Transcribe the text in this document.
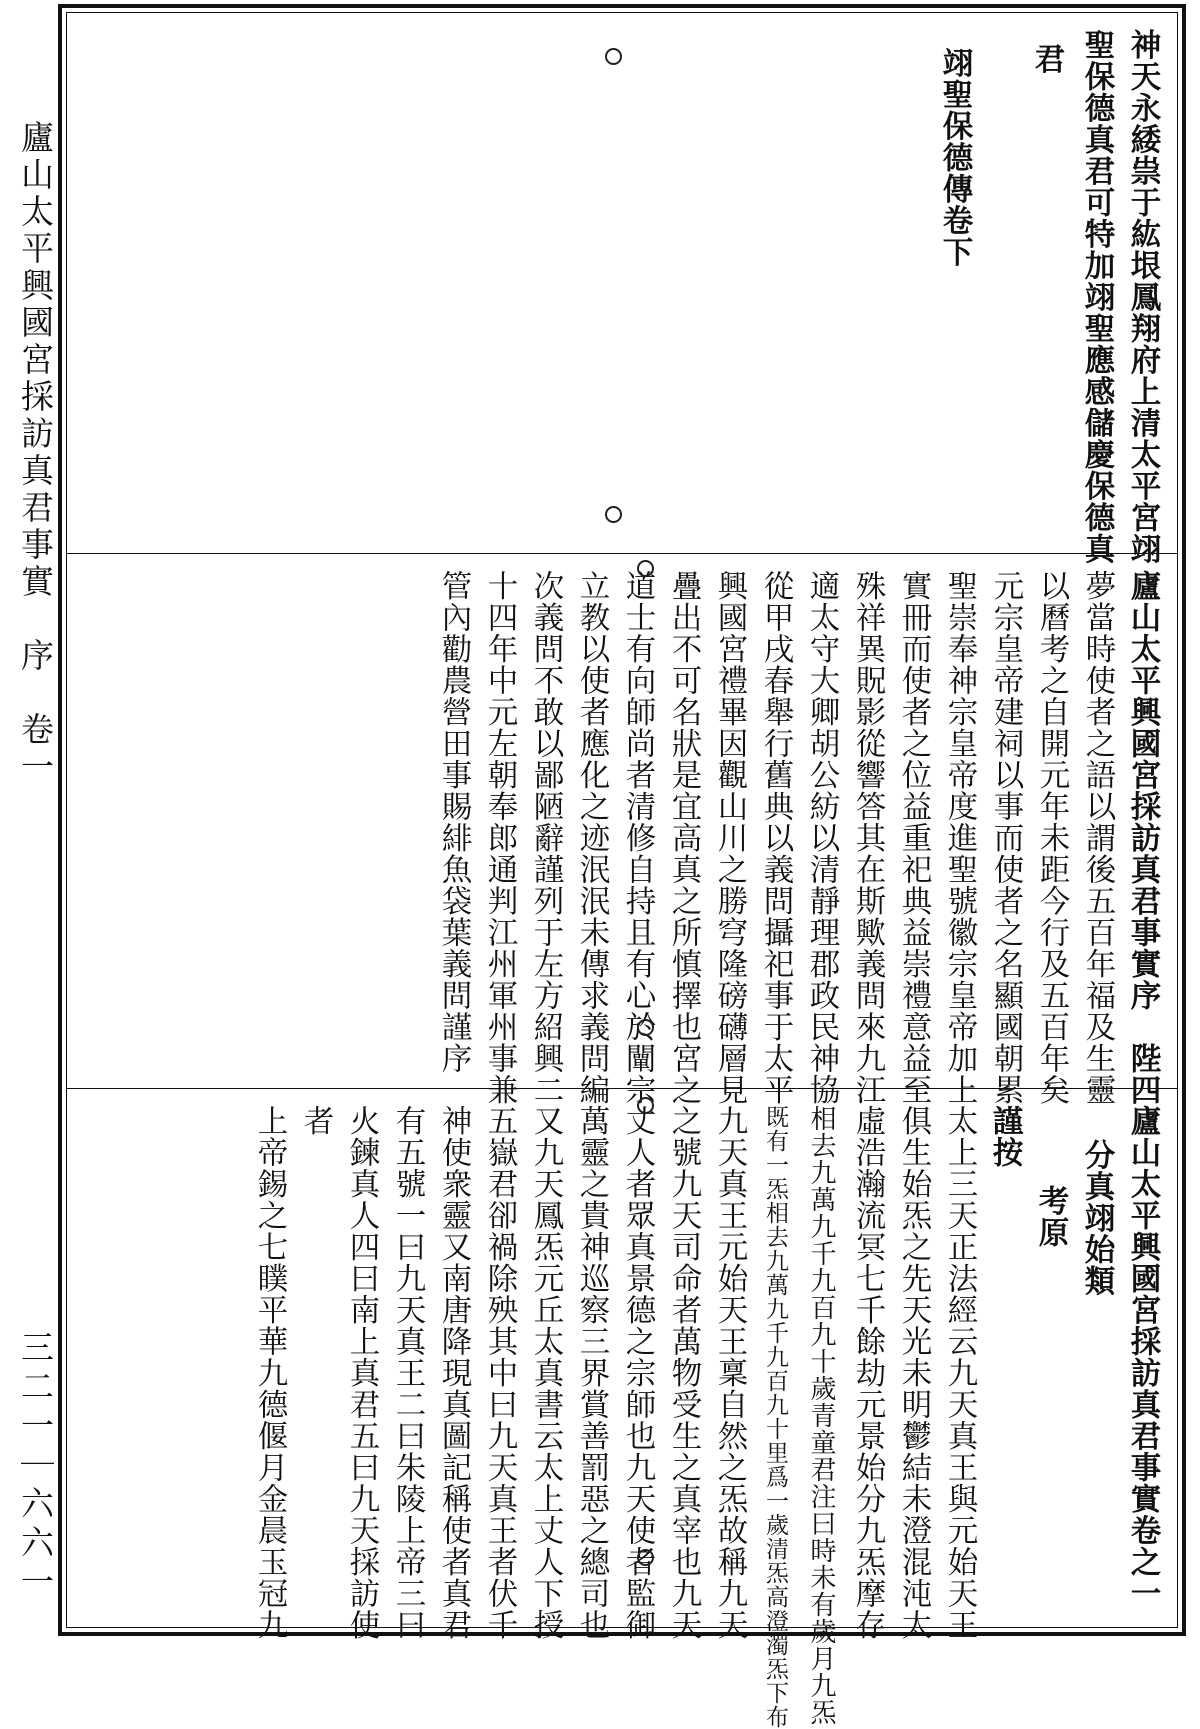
廬山太平興國宮採訪真君事實　序　卷一
三二一｜六六一
神天永緌祟于紘垠鳳翔府上清太平宮翊
聖保德真君可特加翊聖應感儲慶保德真
君
翊聖保德傳卷下
廬山太平興國宮採訪真君事實序　陛四
夢當時使者之語以謂後五百年福及生靈
以曆考之自開元年未距今行及五百年矣
元宗皇帝建祠以事而使者之名顯國朝累
聖崇奉神宗皇帝度進聖號徽宗皇帝加上
實冊而使者之位益重祀典益崇禮意益至
殊祥異貺影從響答其在斯歟義問來九江
適太守大卿胡公紡以清靜理郡政民神協
從甲戌春舉行舊典以義問攝祀事于太平
興國宮禮畢因觀山川之勝穹隆磅礴層見
疊出不可名狀是宜高真之所慎擇也宮之
道士有向師尚者清修自持且有心於闡宗
立教以使者應化之迹泯泯未傳求義問編
次義問不敢以鄙陋辭謹列于左方紹興二
十四年中元左朝奉郎通判江州軍州事兼
管內勸農營田事賜緋魚袋葉義問謹序
廬山太平興國宮採訪真君事實卷之一
分真翊始類
考原
謹按
太上三天正法經云九天真王與元始天王
俱生始炁之先天光未明鬱結未澄混沌太
虛浩瀚流冥七千餘劫元景始分九炁摩存
相去九萬九千九百九十歲青童君注曰時未有歲月九炁
既有一炁相去九萬九千九百九十里爲一歲清炁高澄濁炁下布
九天真王元始天王稟自然之炁故稱九天
之號九天司命者萬物受生之真宰也九天
丈人者眾真景德之宗師也九天使者監御
萬靈之貴神巡察三界賞善罰惡之總司也
又九天鳳炁元丘太真書云太上丈人下授
五嶽君卻禍除殃其中曰九天真王者伏千
神使衆靈又南唐降現真圖記稱使者真君
有五號一曰九天真王二曰朱陵上帝三曰
火鍊真人四曰南上真君五曰九天採訪使
者
上帝錫之七瞨平華九德偃月金晨玉冠九
